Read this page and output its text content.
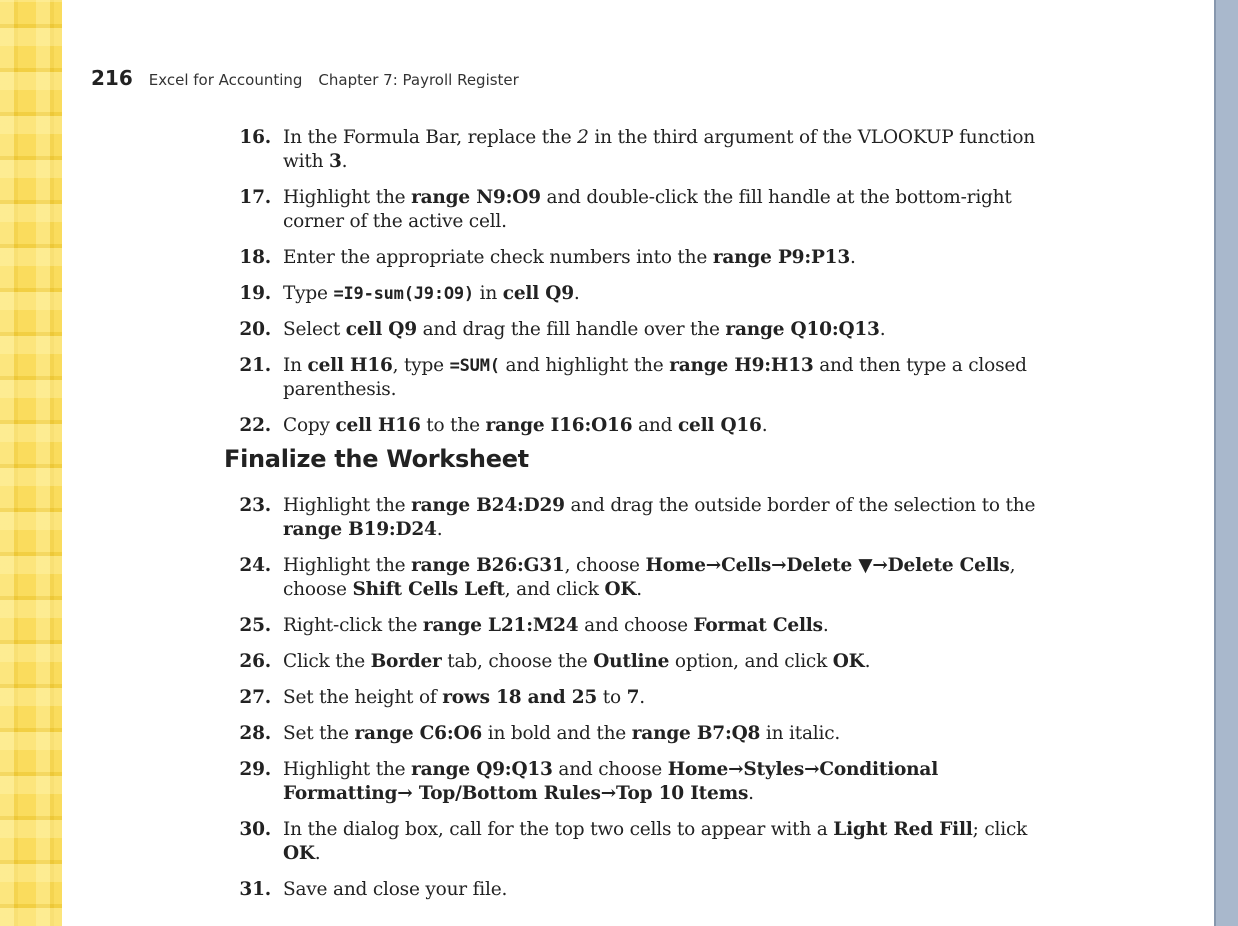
216 Excel for Accounting Chapter 7: Payroll Register
16. In the Formula Bar, replace the 2 in the third argument of the VLOOKUP function with 3.
17. Highlight the range N9:O9 and double-click the fill handle at the bottom-right corner of the active cell.
18. Enter the appropriate check numbers into the range P9:P13.
19. Type =I9-sum(J9:O9) in cell Q9.
20. Select cell Q9 and drag the fill handle over the range Q10:Q13.
21. In cell H16, type =SUM( and highlight the range H9:H13 and then type a closed parenthesis.
22. Copy cell H16 to the range I16:O16 and cell Q16.
Finalize the Worksheet
23. Highlight the range B24:D29 and drag the outside border of the selection to the range B19:D24.
24. Highlight the range B26:G31, choose Home→Cells→Delete ▼→Delete Cells, choose Shift Cells Left, and click OK.
25. Right-click the range L21:M24 and choose Format Cells.
26. Click the Border tab, choose the Outline option, and click OK.
27. Set the height of rows 18 and 25 to 7.
28. Set the range C6:O6 in bold and the range B7:Q8 in italic.
29. Highlight the range Q9:Q13 and choose Home→Styles→Conditional Formatting→ Top/Bottom Rules→Top 10 Items.
30. In the dialog box, call for the top two cells to appear with a Light Red Fill; click OK.
31. Save and close your file.
